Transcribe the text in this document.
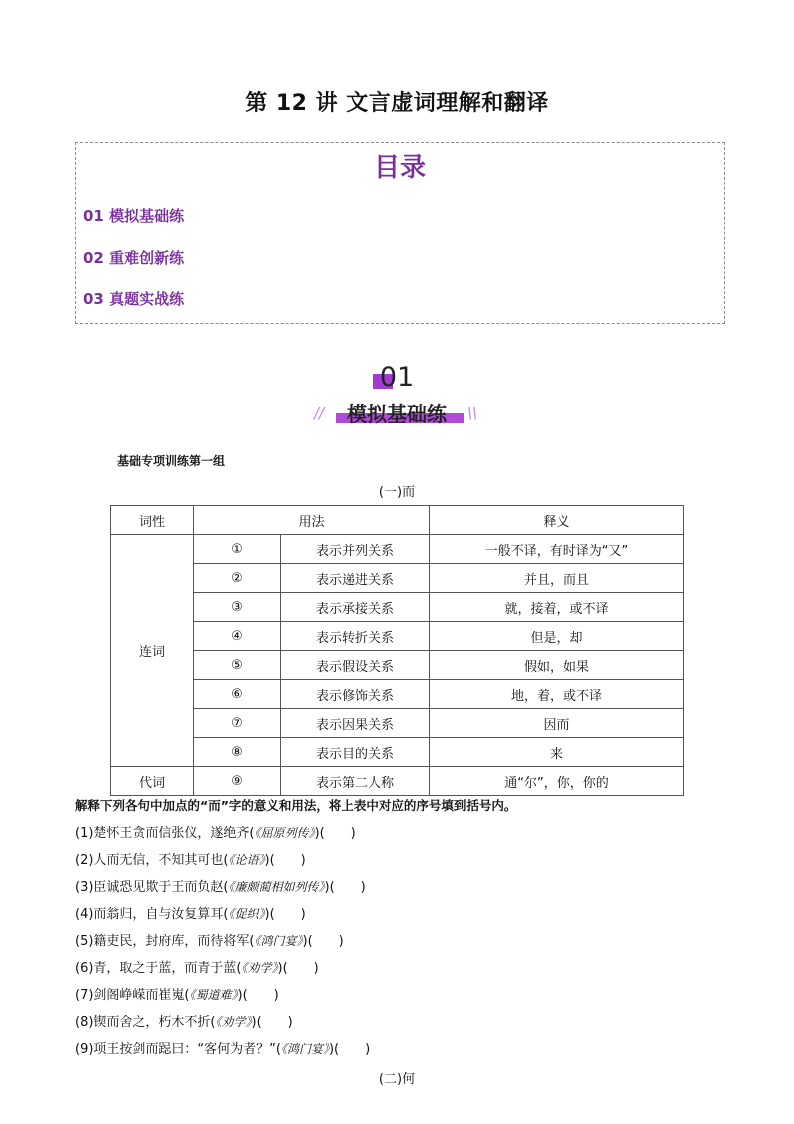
第 12 讲 文言虚词理解和翻译
目录
01 模拟基础练
02 重难创新练
03 真题实战练
01
模拟基础练
//	\\
基础专项训练第一组
(一)而
词性	用法		释义
连词	①	表示并列关系	一般不译，有时译为“又”
	②	表示递进关系	并且，而且
	③	表示承接关系	就，接着，或不译
	④	表示转折关系	但是，却
	⑤	表示假设关系	假如，如果
	⑥	表示修饰关系	地，着，或不译
	⑦	表示因果关系	因而
	⑧	表示目的关系	来
代词	⑨	表示第二人称	通“尔”，你，你的
解释下列各句中加点的“而”字的意义和用法，将上表中对应的序号填到括号内。
(1)楚怀王贪而信张仪，遂绝齐(《屈原列传》)(　　)
(2)人而无信，不知其可也(《论语》)(　　)
(3)臣诚恐见欺于王而负赵(《廉颇蔺相如列传》)(　　)
(4)而翁归，自与汝复算耳(《促织》)(　　)
(5)籍吏民，封府库，而待将军(《鸿门宴》)(　　)
(6)青，取之于蓝，而青于蓝(《劝学》)(　　)
(7)剑阁峥嵘而崔嵬(《蜀道难》)(　　)
(8)锲而舍之，朽木不折(《劝学》)(　　)
(9)项王按剑而跽曰：“客何为者？”(《鸿门宴》)(　　)
(二)何
